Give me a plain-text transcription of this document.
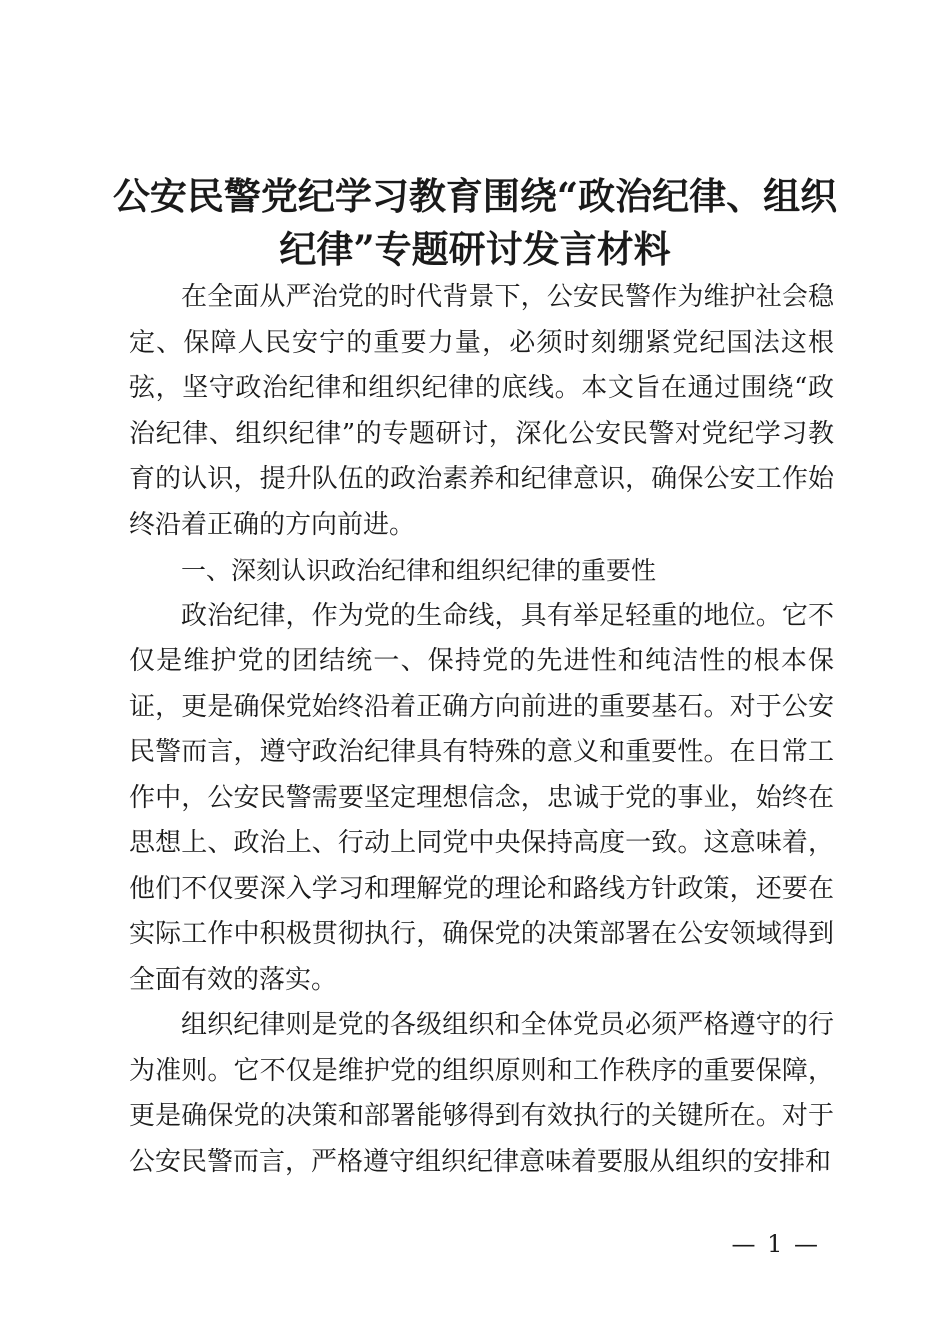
公安民警党纪学习教育围绕“政治纪律、组织
纪律”专题研讨发言材料

在全面从严治党的时代背景下，公安民警作为维护社会稳定、保障人民安宁的重要力量，必须时刻绷紧党纪国法这根弦，坚守政治纪律和组织纪律的底线。本文旨在通过围绕“政治纪律、组织纪律”的专题研讨，深化公安民警对党纪学习教育的认识，提升队伍的政治素养和纪律意识，确保公安工作始终沿着正确的方向前进。

一、深刻认识政治纪律和组织纪律的重要性

政治纪律，作为党的生命线，具有举足轻重的地位。它不仅是维护党的团结统一、保持党的先进性和纯洁性的根本保证，更是确保党始终沿着正确方向前进的重要基石。对于公安民警而言，遵守政治纪律具有特殊的意义和重要性。在日常工作中，公安民警需要坚定理想信念，忠诚于党的事业，始终在思想上、政治上、行动上同党中央保持高度一致。这意味着，他们不仅要深入学习和理解党的理论和路线方针政策，还要在实际工作中积极贯彻执行，确保党的决策部署在公安领域得到全面有效的落实。

组织纪律则是党的各级组织和全体党员必须严格遵守的行为准则。它不仅是维护党的组织原则和工作秩序的重要保障，更是确保党的决策和部署能够得到有效执行的关键所在。对于公安民警而言，严格遵守组织纪律意味着要服从组织的安排和

— 1 —
